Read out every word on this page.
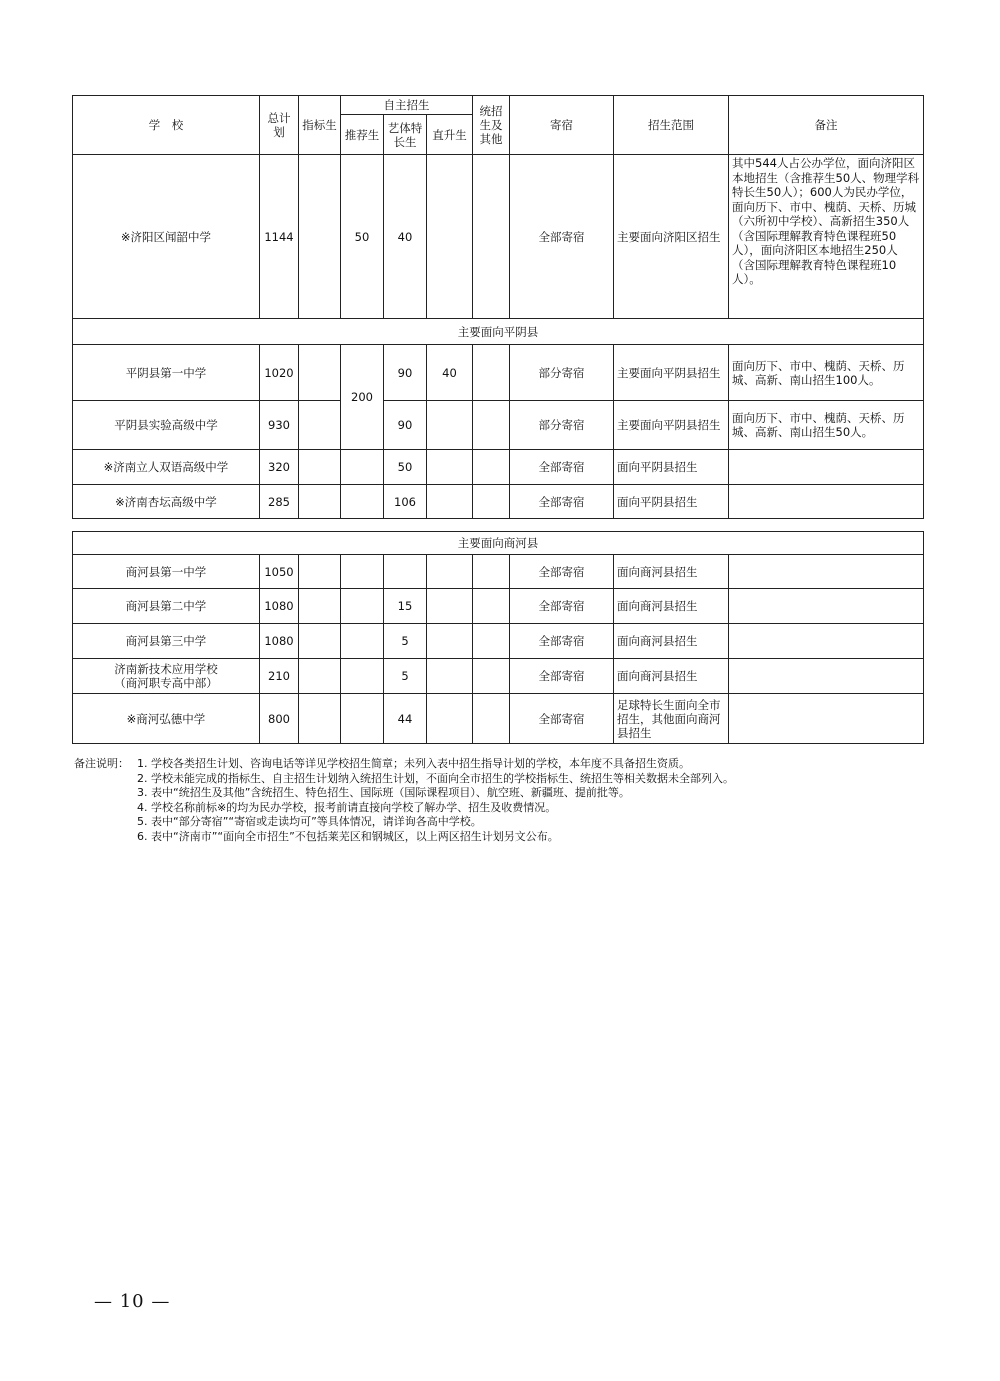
学　校	总计划	指标生	自主招生			统招生及其他	寄宿	招生范围	备注
			推荐生	艺体特长生	直升生				
※济阳区闻韶中学	1144		50	40			全部寄宿	主要面向济阳区招生	其中544人占公办学位，面向济阳区本地招生（含推荐生50人、物理学科特长生50人）；600人为民办学位，面向历下、市中、槐荫、天桥、历城（六所初中学校）、高新招生350人（含国际理解教育特色课程班50人），面向济阳区本地招生250人（含国际理解教育特色课程班10人）。
主要面向平阴县									
平阴县第一中学	1020		200	90	40		部分寄宿	主要面向平阴县招生	面向历下、市中、槐荫、天桥、历城、高新、南山招生100人。
平阴县实验高级中学	930			90			部分寄宿	主要面向平阴县招生	面向历下、市中、槐荫、天桥、历城、高新、南山招生50人。
※济南立人双语高级中学	320			50			全部寄宿	面向平阴县招生	
※济南杏坛高级中学	285			106			全部寄宿	面向平阴县招生	

主要面向商河县									
商河县第一中学	1050						全部寄宿	面向商河县招生	
商河县第二中学	1080			15			全部寄宿	面向商河县招生	
商河县第三中学	1080			5			全部寄宿	面向商河县招生	

济南新技术应用学校
（商河职专高中部）	210			5			全部寄宿	面向商河县招生	
※商河弘德中学	800			44			全部寄宿	足球特长生面向全市招生，其他面向商河县招生	
备注说明： 1. 学校各类招生计划、咨询电话等详见学校招生简章；未列入表中招生指导计划的学校，本年度不具备招生资质。
2. 学校未能完成的指标生、自主招生计划纳入统招生计划，不面向全市招生的学校指标生、统招生等相关数据未全部列入。
3. 表中“统招生及其他”含统招生、特色招生、国际班（国际课程项目）、航空班、新疆班、提前批等。
4. 学校名称前标※的均为民办学校，报考前请直接向学校了解办学、招生及收费情况。
5. 表中“部分寄宿”“寄宿或走读均可”等具体情况，请详询各高中学校。
6. 表中“济南市”“面向全市招生”不包括莱芜区和钢城区，以上两区招生计划另文公布。
— 10 —
